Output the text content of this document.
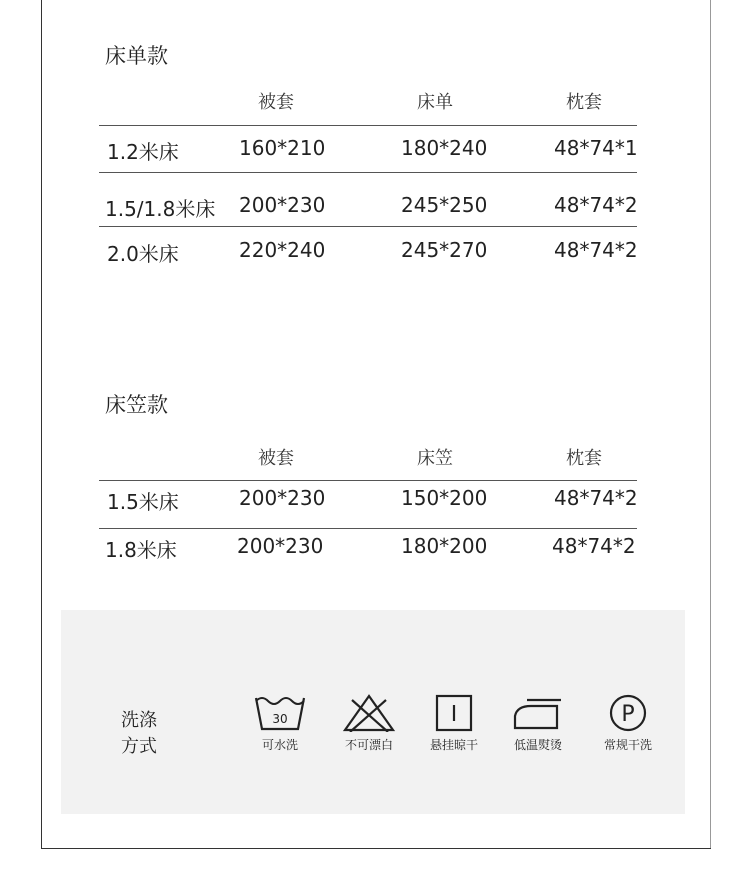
床单款
被套	床单	枕套
1.2米床	160*210	180*240	48*74*1
1.5/1.8米床 200*230	245*250	48*74*2
2.0米床	220*240	245*270	48*74*2
床笠款
被套	床笠	枕套
1.5米床	200*230	150*200	48*74*2
1.8米床	200*230	180*200	48*74*2
洗涤
方式
30
可水洗	不可漂白	悬挂晾干	低温熨烫
P
常规干洗
